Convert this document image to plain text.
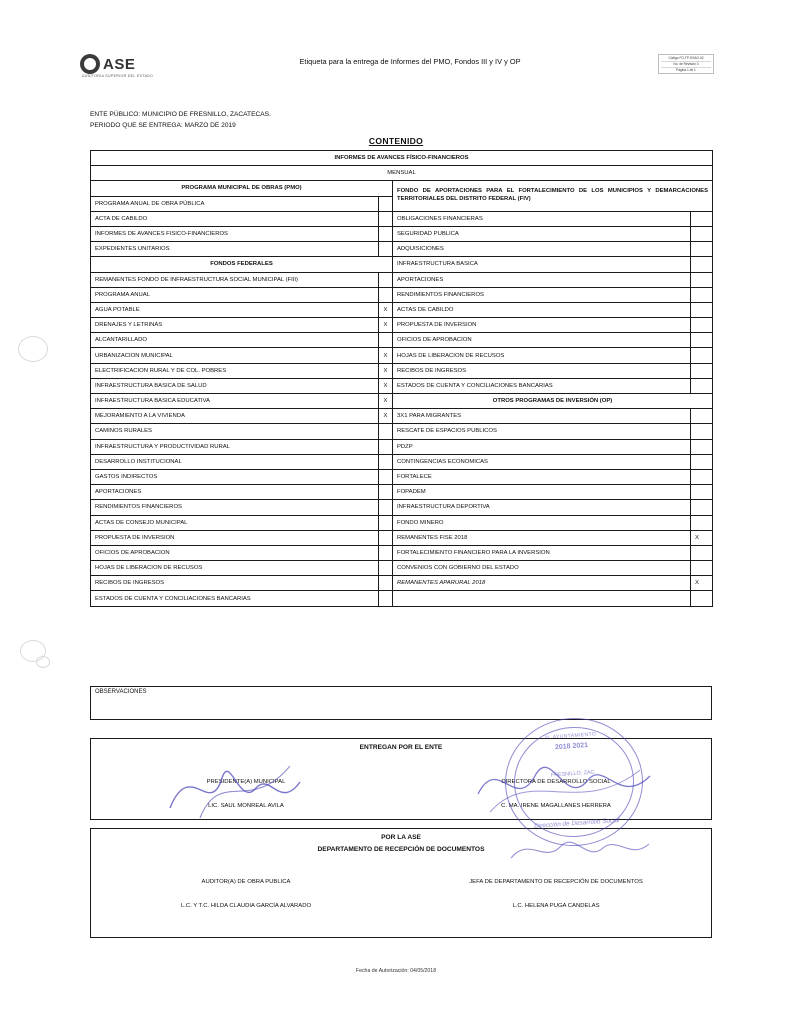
ASE
AUDITORIA SUPERIOR DEL ESTADO
Etiqueta para la entrega de Informes del PMO, Fondos III y IV y OP	Código FO-TP-SSAO-02
No. de Revisión 0
Página 1 de 1
ENTE PÚBLICO: MUNICIPIO DE FRESNILLO, ZACATECAS.
PERIODO QUE SE ENTREGA: MARZO DE 2019
CONTENIDO
INFORMES DE AVANCES FÍSICO-FINANCIEROS			
MENSUAL			
PROGRAMA MUNICIPAL DE OBRAS (PMO)		FONDO DE APORTACIONES PARA EL FORTALECIMIENTO DE LOS MUNICIPIOS Y DEMARCACIONES TERRITORIALES DEL DISTRITO FEDERAL (FIV)	
PROGRAMA ANUAL DE OBRA PÚBLICA			
ACTA DE CABILDO		OBLIGACIONES FINANCIERAS	
INFORMES DE AVANCES FISICO-FINANCIEROS		SEGURIDAD PUBLICA	
EXPEDIENTES UNITARIOS		ADQUISICIONES	
FONDOS FEDERALES		INFRAESTRUCTURA BASICA	
REMANENTES FONDO DE INFRAESTRUCTURA SOCIAL MUNICIPAL (FIII)		APORTACIONES	
PROGRAMA ANUAL		RENDIMIENTOS FINANCIEROS	
AGUA POTABLE	X	ACTAS DE CABILDO	
DRENAJES Y LETRINAS	X	PROPUESTA DE INVERSION	
ALCANTARILLADO		OFICIOS DE APROBACION	
URBANIZACION MUNICIPAL	X	HOJAS DE LIBERACION DE RECUSOS	
ELECTRIFICACION RURAL Y DE COL. POBRES	X	RECIBOS DE INGRESOS	
INFRAESTRUCTURA BASICA DE SALUD	X	ESTADOS DE CUENTA Y CONCILIACIONES BANCARIAS	
INFRAESTRUCTURA BASICA EDUCATIVA	X	OTROS PROGRAMAS DE INVERSIÓN (OP)	
MEJORAMIENTO A LA VIVIENDA	X	3X1 PARA MIGRANTES	
CAMINOS RURALES		RESCATE DE ESPACIOS PUBLICOS	
INFRAESTRUCTURA Y PRODUCTIVIDAD RURAL		PDZP	
DESARROLLO INSTITUCIONAL		CONTINGENCIAS ECONOMICAS	
GASTOS INDIRECTOS		FORTALECE	
APORTACIONES		FOPADEM	
RENDIMIENTOS FINANCIEROS		INFRAESTRUCTURA DEPORTIVA	
ACTAS DE CONSEJO MUNICIPAL		FONDO MINERO	
PROPUESTA DE INVERSION		REMANENTES FISE 2018	X
OFICIOS DE APROBACION		FORTALECIMIENTO FINANCIERO PARA LA INVERSION	
HOJAS DE LIBERACION DE RECUSOS		CONVENIOS CON GOBIERNO DEL ESTADO	
RECIBOS DE INGRESOS		REMANENTES APARURAL 2018	X
ESTADOS DE CUENTA Y CONCILIACIONES BANCARIAS			
OBSERVACIONES
ENTREGAN POR EL ENTE
PRESIDENTE(A) MUNICIPAL
LIC. SAUL MONREAL AVILA
DIRECTORA DE DESARROLLO SOCIAL
C. MA. IRENE MAGALLANES HERRERA
POR LA ASE
DEPARTAMENTO DE RECEPCIÓN DE DOCUMENTOS
AUDITOR(A) DE OBRA PUBLICA
L.C. Y T.C. HILDA CLAUDIA GARCÍA ALVARADO
JEFA DE DEPARTAMENTO DE RECEPCIÓN DE DOCUMENTOS
L.C. HELENA PUGA CANDELAS
Fecha de Autorización: 04/05/2018
H. AYUNTAMIENTO
2018 2021
FRESNILLO, ZAC.
Dirección de Desarrollo Social
